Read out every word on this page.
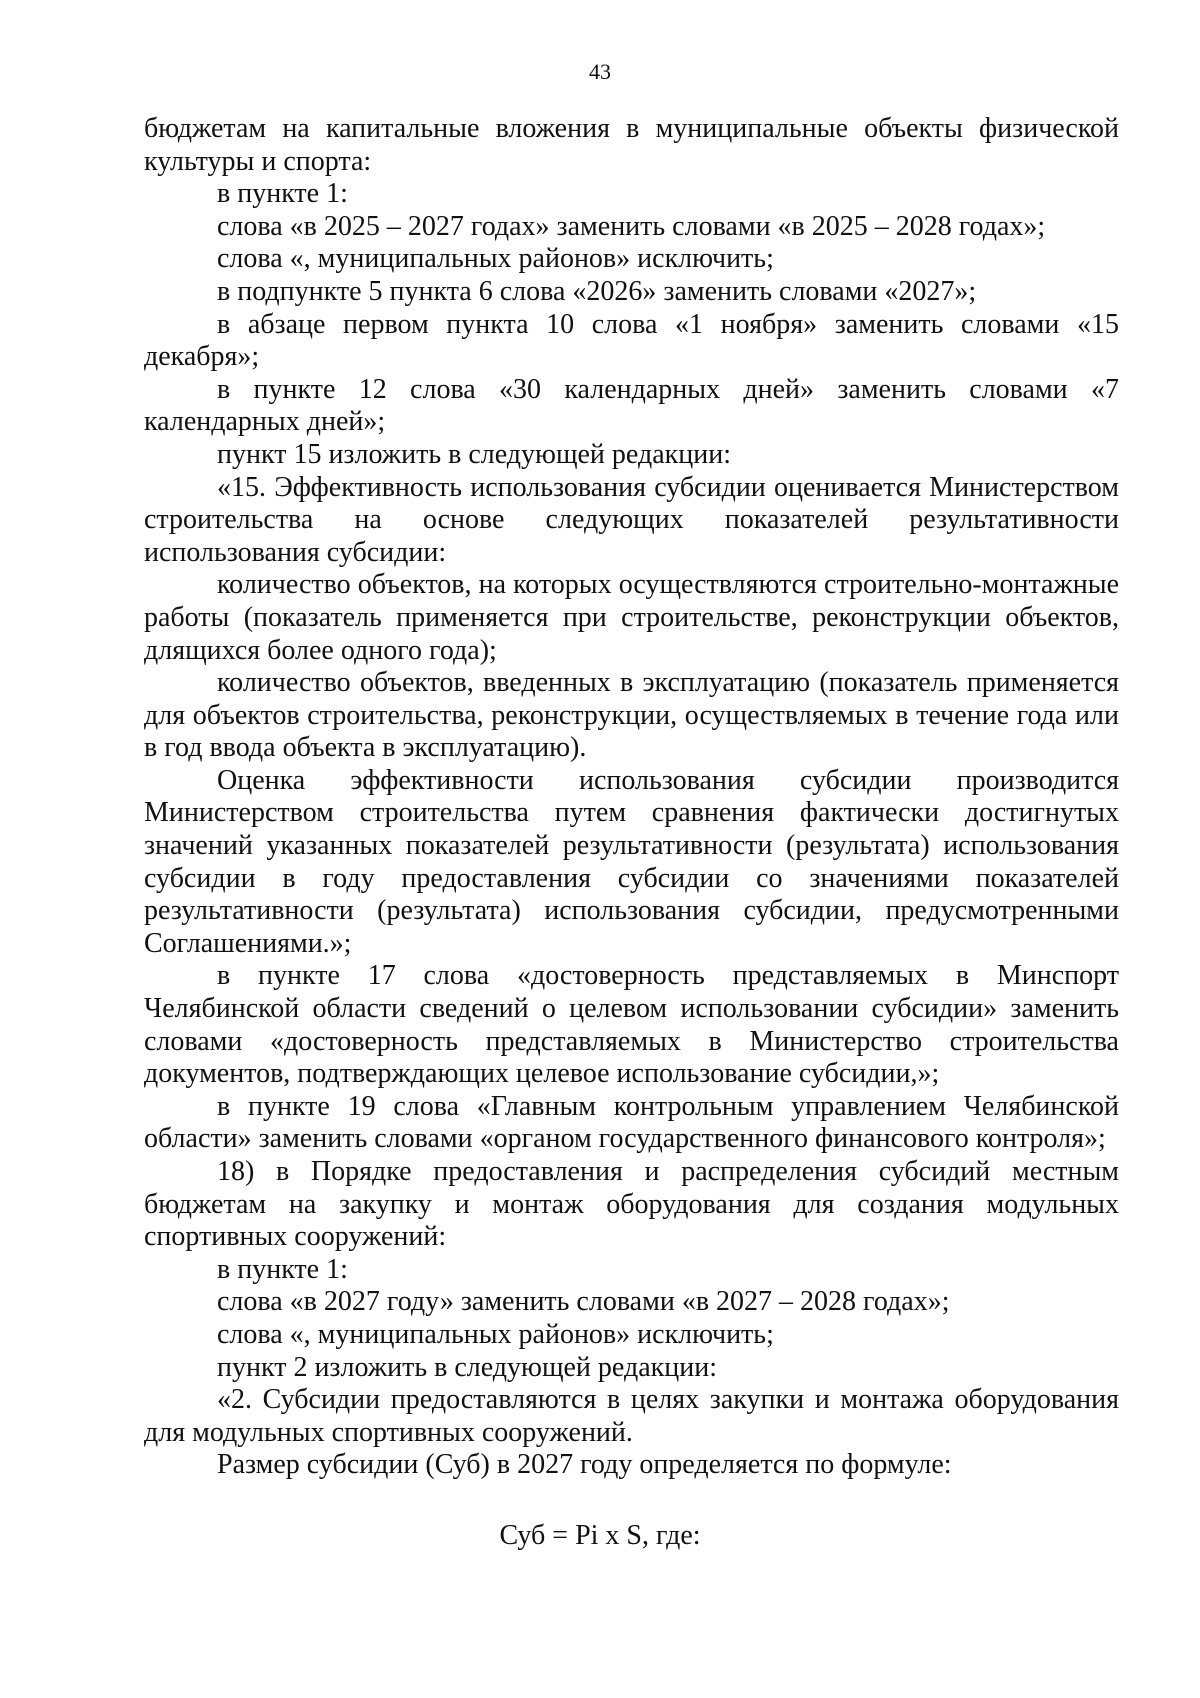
43

бюджетам на капитальные вложения в муниципальные объекты физической культуры и спорта:

в пункте 1:

слова «в 2025 – 2027 годах» заменить словами «в 2025 – 2028 годах»;

слова «, муниципальных районов» исключить;

в подпункте 5 пункта 6 слова «2026» заменить словами «2027»;

в абзаце первом пункта 10 слова «1 ноября» заменить словами «15 декабря»;

в пункте 12 слова «30 календарных дней» заменить словами «7 календарных дней»;

пункт 15 изложить в следующей редакции:

«15. Эффективность использования субсидии оценивается Министерством строительства на основе следующих показателей результативности использования субсидии:

количество объектов, на которых осуществляются строительно-монтажные работы (показатель применяется при строительстве, реконструкции объектов, длящихся более одного года);

количество объектов, введенных в эксплуатацию (показатель применяется для объектов строительства, реконструкции, осуществляемых в течение года или в год ввода объекта в эксплуатацию).

Оценка эффективности использования субсидии производится Министерством строительства путем сравнения фактически достигнутых значений указанных показателей результативности (результата) использования субсидии в году предоставления субсидии со значениями показателей результативности (результата) использования субсидии, предусмотренными Соглашениями.»;

в пункте 17 слова «достоверность представляемых в Минспорт Челябинской области сведений о целевом использовании субсидии» заменить словами «достоверность представляемых в Министерство строительства документов, подтверждающих целевое использование субсидии,»;

в пункте 19 слова «Главным контрольным управлением Челябинской области» заменить словами «органом государственного финансового контроля»;

18) в Порядке предоставления и распределения субсидий местным бюджетам на закупку и монтаж оборудования для создания модульных спортивных сооружений:

в пункте 1:

слова «в 2027 году» заменить словами «в 2027 – 2028 годах»;

слова «, муниципальных районов» исключить;

пункт 2 изложить в следующей редакции:

«2. Субсидии предоставляются в целях закупки и монтажа оборудования для модульных спортивных сооружений.

Размер субсидии (Суб) в 2027 году определяется по формуле:

Суб = Pi x S, где:
